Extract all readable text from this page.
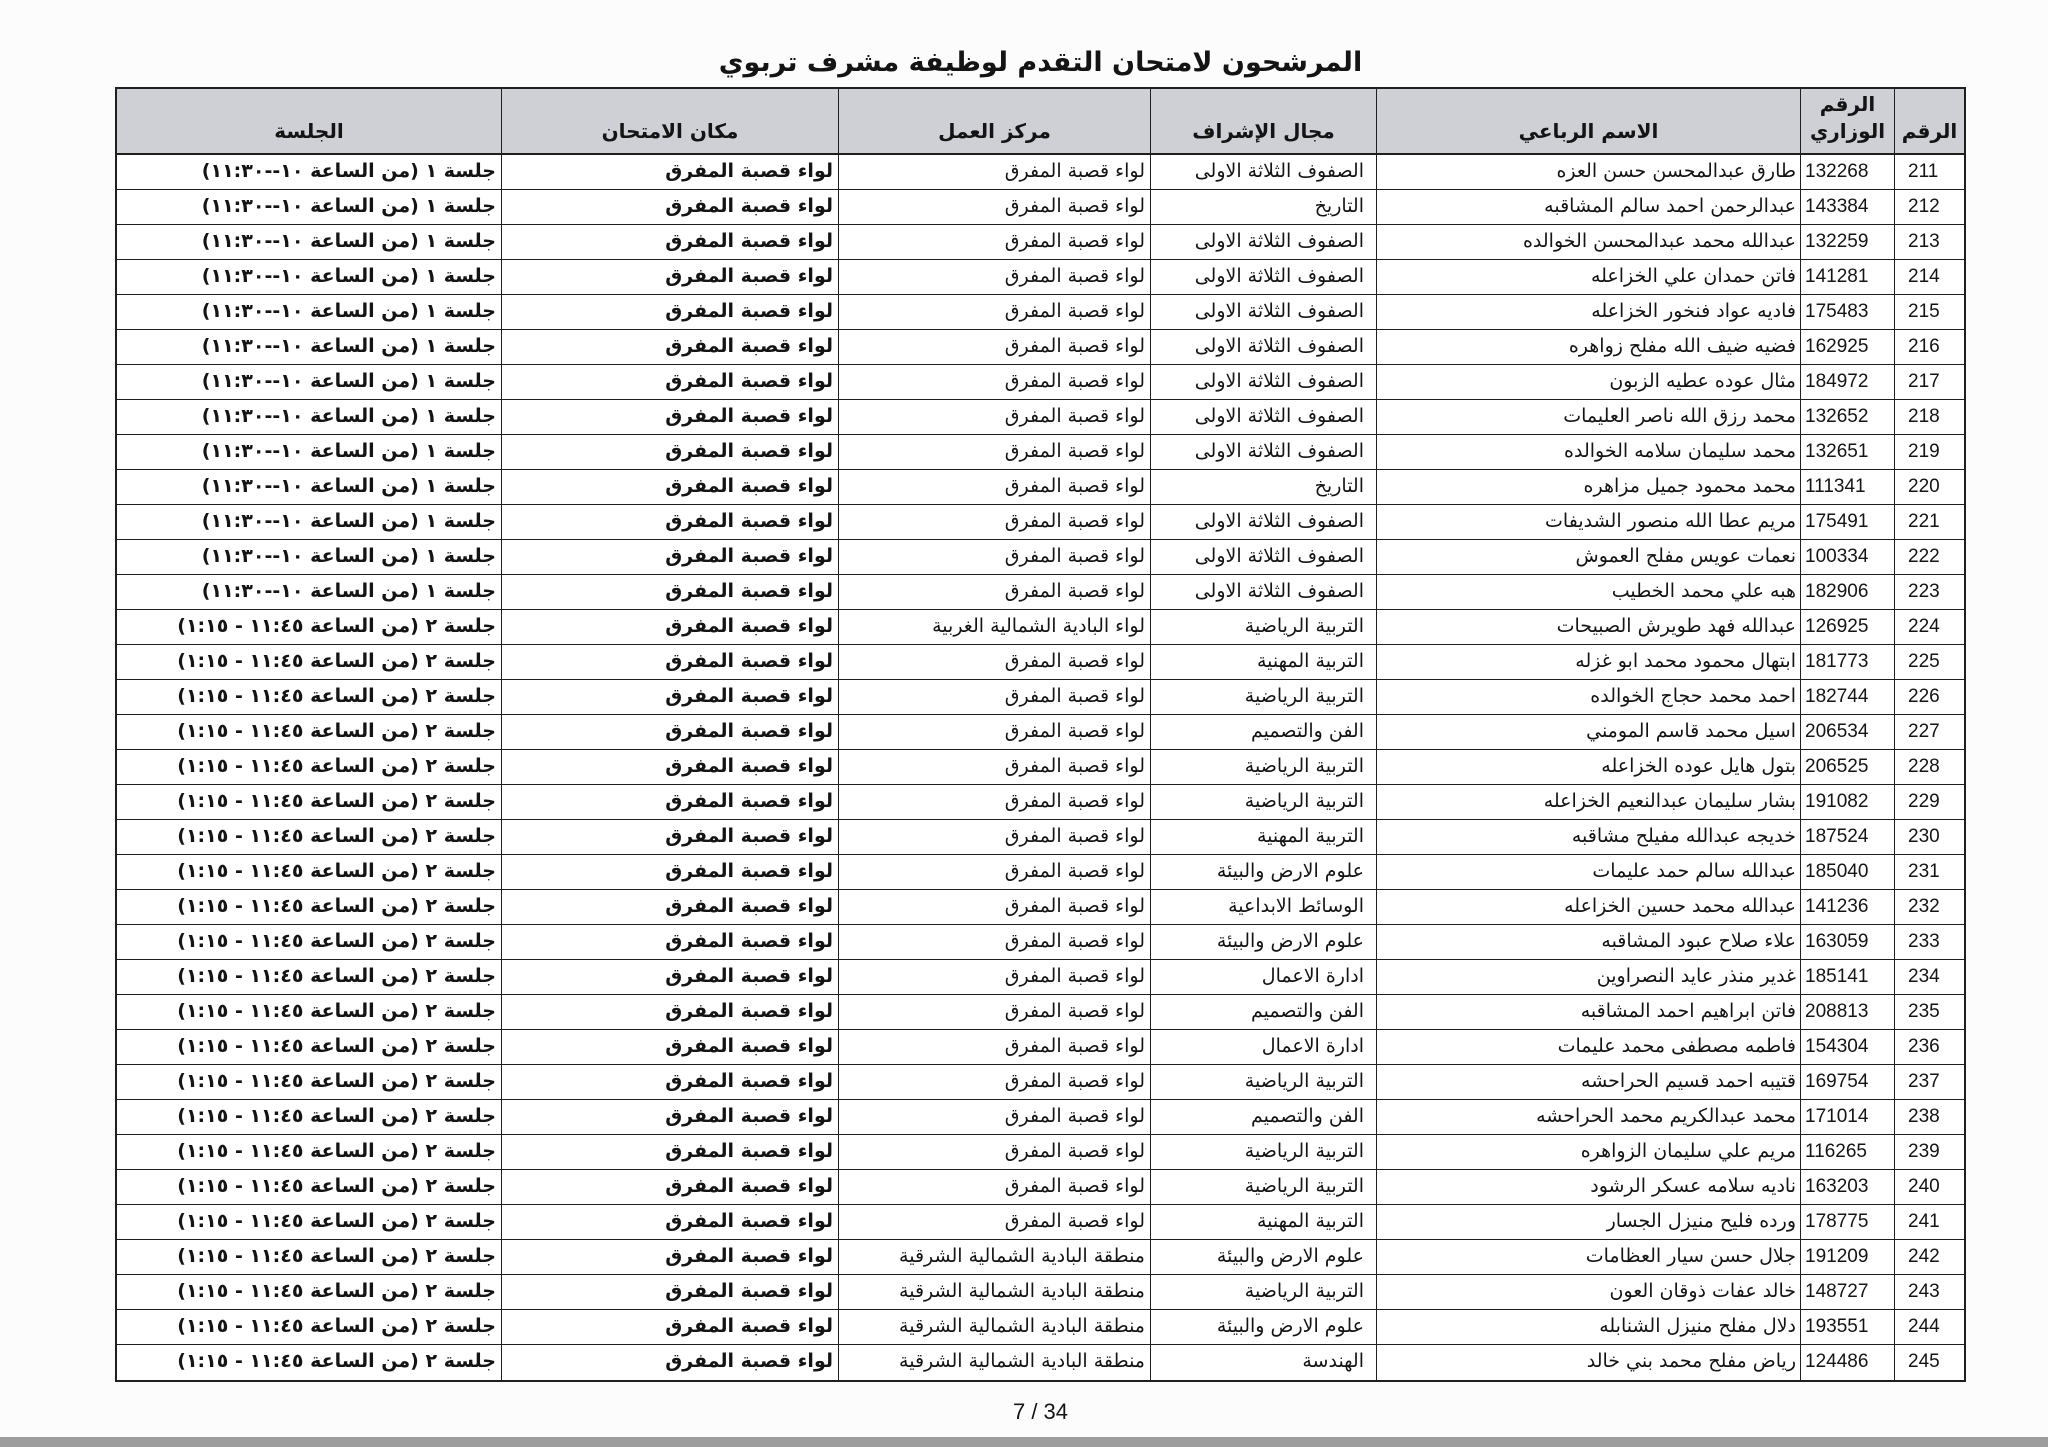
المرشحون لامتحان التقدم لوظيفة مشرف تربوي
الرقم
الرقم الوزاري
الاسم الرباعي
مجال الإشراف
مركز العمل
مكان الامتحان
الجلسة
211
132268
طارق عبدالمحسن حسن العزه
الصفوف الثلاثة الاولى
لواء قصبة المفرق
لواء قصبة المفرق
جلسة ١ (من الساعة ١٠--١١:٣٠)
212
143384
عبدالرحمن احمد سالم المشاقبه
التاريخ
لواء قصبة المفرق
لواء قصبة المفرق
جلسة ١ (من الساعة ١٠--١١:٣٠)
213
132259
عبدالله محمد عبدالمحسن الخوالده
الصفوف الثلاثة الاولى
لواء قصبة المفرق
لواء قصبة المفرق
جلسة ١ (من الساعة ١٠--١١:٣٠)
214
141281
فاتن حمدان علي الخزاعله
الصفوف الثلاثة الاولى
لواء قصبة المفرق
لواء قصبة المفرق
جلسة ١ (من الساعة ١٠--١١:٣٠)
215
175483
فاديه عواد فنخور الخزاعله
الصفوف الثلاثة الاولى
لواء قصبة المفرق
لواء قصبة المفرق
جلسة ١ (من الساعة ١٠--١١:٣٠)
216
162925
فضيه ضيف الله مفلح زواهره
الصفوف الثلاثة الاولى
لواء قصبة المفرق
لواء قصبة المفرق
جلسة ١ (من الساعة ١٠--١١:٣٠)
217
184972
مثال عوده عطيه الزبون
الصفوف الثلاثة الاولى
لواء قصبة المفرق
لواء قصبة المفرق
جلسة ١ (من الساعة ١٠--١١:٣٠)
218
132652
محمد رزق الله ناصر العليمات
الصفوف الثلاثة الاولى
لواء قصبة المفرق
لواء قصبة المفرق
جلسة ١ (من الساعة ١٠--١١:٣٠)
219
132651
محمد سليمان سلامه الخوالده
الصفوف الثلاثة الاولى
لواء قصبة المفرق
لواء قصبة المفرق
جلسة ١ (من الساعة ١٠--١١:٣٠)
220
111341
محمد محمود جميل مزاهره
التاريخ
لواء قصبة المفرق
لواء قصبة المفرق
جلسة ١ (من الساعة ١٠--١١:٣٠)
221
175491
مريم عطا الله منصور الشديفات
الصفوف الثلاثة الاولى
لواء قصبة المفرق
لواء قصبة المفرق
جلسة ١ (من الساعة ١٠--١١:٣٠)
222
100334
نعمات عويس مفلح العموش
الصفوف الثلاثة الاولى
لواء قصبة المفرق
لواء قصبة المفرق
جلسة ١ (من الساعة ١٠--١١:٣٠)
223
182906
هبه علي محمد الخطيب
الصفوف الثلاثة الاولى
لواء قصبة المفرق
لواء قصبة المفرق
جلسة ١ (من الساعة ١٠--١١:٣٠)
224
126925
عبدالله فهد طويرش الصبيحات
التربية الرياضية
لواء البادية الشمالية الغربية
لواء قصبة المفرق
جلسة ٢ (من الساعة ١١:٤٥ - ١:١٥)
225
181773
ابتهال محمود محمد ابو غزله
التربية المهنية
لواء قصبة المفرق
لواء قصبة المفرق
جلسة ٢ (من الساعة ١١:٤٥ - ١:١٥)
226
182744
احمد محمد حجاج الخوالده
التربية الرياضية
لواء قصبة المفرق
لواء قصبة المفرق
جلسة ٢ (من الساعة ١١:٤٥ - ١:١٥)
227
206534
اسيل محمد قاسم المومني
الفن والتصميم
لواء قصبة المفرق
لواء قصبة المفرق
جلسة ٢ (من الساعة ١١:٤٥ - ١:١٥)
228
206525
بتول هايل عوده الخزاعله
التربية الرياضية
لواء قصبة المفرق
لواء قصبة المفرق
جلسة ٢ (من الساعة ١١:٤٥ - ١:١٥)
229
191082
بشار سليمان عبدالنعيم الخزاعله
التربية الرياضية
لواء قصبة المفرق
لواء قصبة المفرق
جلسة ٢ (من الساعة ١١:٤٥ - ١:١٥)
230
187524
خديجه عبدالله مفيلح مشاقبه
التربية المهنية
لواء قصبة المفرق
لواء قصبة المفرق
جلسة ٢ (من الساعة ١١:٤٥ - ١:١٥)
231
185040
عبدالله سالم حمد عليمات
علوم الارض والبيئة
لواء قصبة المفرق
لواء قصبة المفرق
جلسة ٢ (من الساعة ١١:٤٥ - ١:١٥)
232
141236
عبدالله محمد حسين الخزاعله
الوسائط الابداعية
لواء قصبة المفرق
لواء قصبة المفرق
جلسة ٢ (من الساعة ١١:٤٥ - ١:١٥)
233
163059
علاء صلاح عبود المشاقبه
علوم الارض والبيئة
لواء قصبة المفرق
لواء قصبة المفرق
جلسة ٢ (من الساعة ١١:٤٥ - ١:١٥)
234
185141
غدير منذر عايد النصراوين
ادارة الاعمال
لواء قصبة المفرق
لواء قصبة المفرق
جلسة ٢ (من الساعة ١١:٤٥ - ١:١٥)
235
208813
فاتن ابراهيم احمد المشاقبه
الفن والتصميم
لواء قصبة المفرق
لواء قصبة المفرق
جلسة ٢ (من الساعة ١١:٤٥ - ١:١٥)
236
154304
فاطمه مصطفى محمد عليمات
ادارة الاعمال
لواء قصبة المفرق
لواء قصبة المفرق
جلسة ٢ (من الساعة ١١:٤٥ - ١:١٥)
237
169754
قتيبه احمد قسيم الحراحشه
التربية الرياضية
لواء قصبة المفرق
لواء قصبة المفرق
جلسة ٢ (من الساعة ١١:٤٥ - ١:١٥)
238
171014
محمد عبدالكريم محمد الحراحشه
الفن والتصميم
لواء قصبة المفرق
لواء قصبة المفرق
جلسة ٢ (من الساعة ١١:٤٥ - ١:١٥)
239
116265
مريم علي سليمان الزواهره
التربية الرياضية
لواء قصبة المفرق
لواء قصبة المفرق
جلسة ٢ (من الساعة ١١:٤٥ - ١:١٥)
240
163203
ناديه سلامه عسكر الرشود
التربية الرياضية
لواء قصبة المفرق
لواء قصبة المفرق
جلسة ٢ (من الساعة ١١:٤٥ - ١:١٥)
241
178775
ورده فليح منيزل الجسار
التربية المهنية
لواء قصبة المفرق
لواء قصبة المفرق
جلسة ٢ (من الساعة ١١:٤٥ - ١:١٥)
242
191209
جلال حسن سيار العظامات
علوم الارض والبيئة
منطقة البادية الشمالية الشرقية
لواء قصبة المفرق
جلسة ٢ (من الساعة ١١:٤٥ - ١:١٥)
243
148727
خالد عفات ذوقان العون
التربية الرياضية
منطقة البادية الشمالية الشرقية
لواء قصبة المفرق
جلسة ٢ (من الساعة ١١:٤٥ - ١:١٥)
244
193551
دلال مفلح منيزل الشنابله
علوم الارض والبيئة
منطقة البادية الشمالية الشرقية
لواء قصبة المفرق
جلسة ٢ (من الساعة ١١:٤٥ - ١:١٥)
245
124486
رياض مفلح محمد بني خالد
الهندسة
منطقة البادية الشمالية الشرقية
لواء قصبة المفرق
جلسة ٢ (من الساعة ١١:٤٥ - ١:١٥)
7 / 34
